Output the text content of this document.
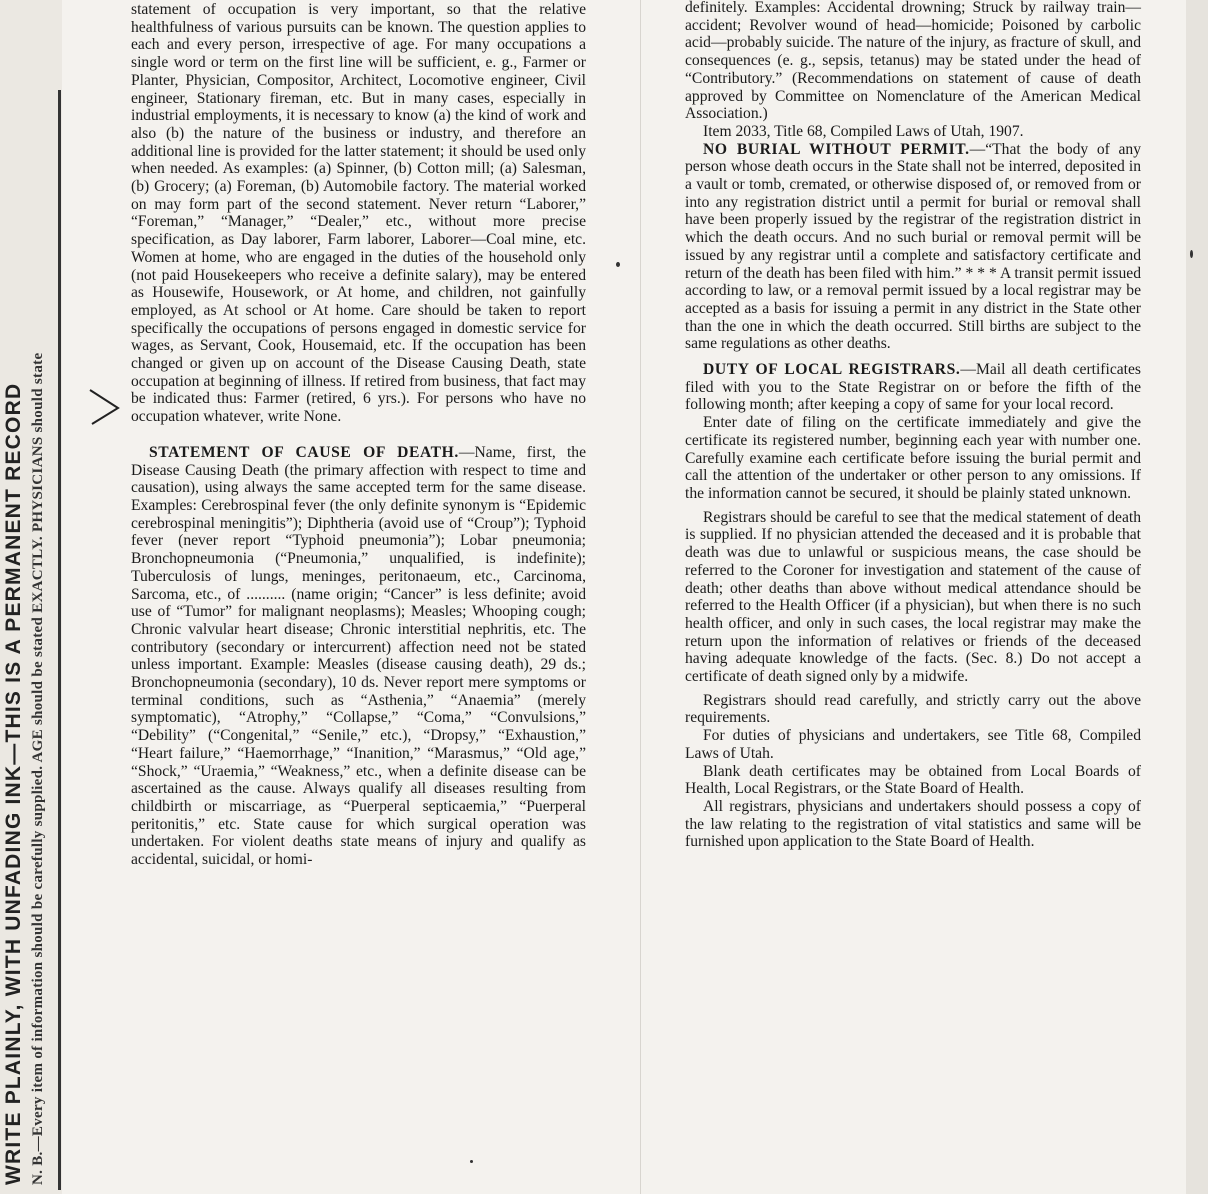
WRITE PLAINLY, WITH UNFADING INK—THIS IS A PERMANENT RECORD N. B.—Every item of information should be carefully supplied. AGE should be stated EXACTLY. PHYSICIANS should state

statement of occupation is very important, so that the relative healthfulness of various pursuits can be known. The question applies to each and every person, irrespective of age. For many occupations a single word or term on the first line will be sufficient, e. g., Farmer or Planter, Physician, Compositor, Architect, Locomotive engineer, Civil engineer, Stationary fireman, etc. But in many cases, especially in industrial employments, it is necessary to know (a) the kind of work and also (b) the nature of the business or industry, and therefore an additional line is provided for the latter statement; it should be used only when needed. As examples: (a) Spinner, (b) Cotton mill; (a) Salesman, (b) Grocery; (a) Foreman, (b) Automobile factory. The material worked on may form part of the second statement. Never return “Laborer,” “Foreman,” “Manager,” “Dealer,” etc., without more precise specification, as Day laborer, Farm laborer, Laborer—Coal mine, etc. Women at home, who are engaged in the duties of the household only (not paid Housekeepers who receive a definite salary), may be entered as Housewife, Housework, or At home, and children, not gainfully employed, as At school or At home. Care should be taken to report specifically the occupations of persons engaged in domestic service for wages, as Servant, Cook, Housemaid, etc. If the occupation has been changed or given up on account of the Disease Causing Death, state occupation at beginning of illness. If retired from business, that fact may be indicated thus: Farmer (retired, 6 yrs.). For persons who have no occupation whatever, write None.

STATEMENT OF CAUSE OF DEATH.—Name, first, the Disease Causing Death (the primary affection with respect to time and causation), using always the same accepted term for the same disease. Examples: Cerebrospinal fever (the only definite synonym is “Epidemic cerebrospinal meningitis”); Diphtheria (avoid use of “Croup”); Typhoid fever (never report “Typhoid pneumonia”); Lobar pneumonia; Bronchopneumonia (“Pneumonia,” unqualified, is indefinite); Tuberculosis of lungs, meninges, peritonaeum, etc., Carcinoma, Sarcoma, etc., of .......... (name origin; “Cancer” is less definite; avoid use of “Tumor” for malignant neoplasms); Measles; Whooping cough; Chronic valvular heart disease; Chronic interstitial nephritis, etc. The contributory (secondary or intercurrent) affection need not be stated unless important. Example: Measles (disease causing death), 29 ds.; Bronchopneumonia (secondary), 10 ds. Never report mere symptoms or terminal conditions, such as “Asthenia,” “Anaemia” (merely symptomatic), “Atrophy,” “Collapse,” “Coma,” “Convulsions,” “Debility” (“Congenital,” “Senile,” etc.), “Dropsy,” “Exhaustion,” “Heart failure,” “Haemorrhage,” “Inanition,” “Marasmus,” “Old age,” “Shock,” “Uraemia,” “Weakness,” etc., when a definite disease can be ascertained as the cause. Always qualify all diseases resulting from childbirth or miscarriage, as “Puerperal septicaemia,” “Puerperal peritonitis,” etc. State cause for which surgical operation was undertaken. For violent deaths state means of injury and qualify as accidental, suicidal, or homi-

definitely. Examples: Accidental drowning; Struck by railway train—accident; Revolver wound of head—homicide; Poisoned by carbolic acid—probably suicide. The nature of the injury, as fracture of skull, and consequences (e. g., sepsis, tetanus) may be stated under the head of “Contributory.” (Recommendations on statement of cause of death approved by Committee on Nomenclature of the American Medical Association.)

Item 2033, Title 68, Compiled Laws of Utah, 1907.

NO BURIAL WITHOUT PERMIT.—“That the body of any person whose death occurs in the State shall not be interred, deposited in a vault or tomb, cremated, or otherwise disposed of, or removed from or into any registration district until a permit for burial or removal shall have been properly issued by the registrar of the registration district in which the death occurs. And no such burial or removal permit will be issued by any registrar until a complete and satisfactory certificate and return of the death has been filed with him.” * * * A transit permit issued according to law, or a removal permit issued by a local registrar may be accepted as a basis for issuing a permit in any district in the State other than the one in which the death occurred. Still births are subject to the same regulations as other deaths.

DUTY OF LOCAL REGISTRARS.—Mail all death certificates filed with you to the State Registrar on or before the fifth of the following month; after keeping a copy of same for your local record.

Enter date of filing on the certificate immediately and give the certificate its registered number, beginning each year with number one. Carefully examine each certificate before issuing the burial permit and call the attention of the undertaker or other person to any omissions. If the information cannot be secured, it should be plainly stated unknown.

Registrars should be careful to see that the medical statement of death is supplied. If no physician attended the deceased and it is probable that death was due to unlawful or suspicious means, the case should be referred to the Coroner for investigation and statement of the cause of death; other deaths than above without medical attendance should be referred to the Health Officer (if a physician), but when there is no such health officer, and only in such cases, the local registrar may make the return upon the information of relatives or friends of the deceased having adequate knowledge of the facts. (Sec. 8.) Do not accept a certificate of death signed only by a midwife.

Registrars should read carefully, and strictly carry out the above requirements.

For duties of physicians and undertakers, see Title 68, Compiled Laws of Utah.

Blank death certificates may be obtained from Local Boards of Health, Local Registrars, or the State Board of Health.

All registrars, physicians and undertakers should possess a copy of the law relating to the registration of vital statistics and same will be furnished upon application to the State Board of Health.
